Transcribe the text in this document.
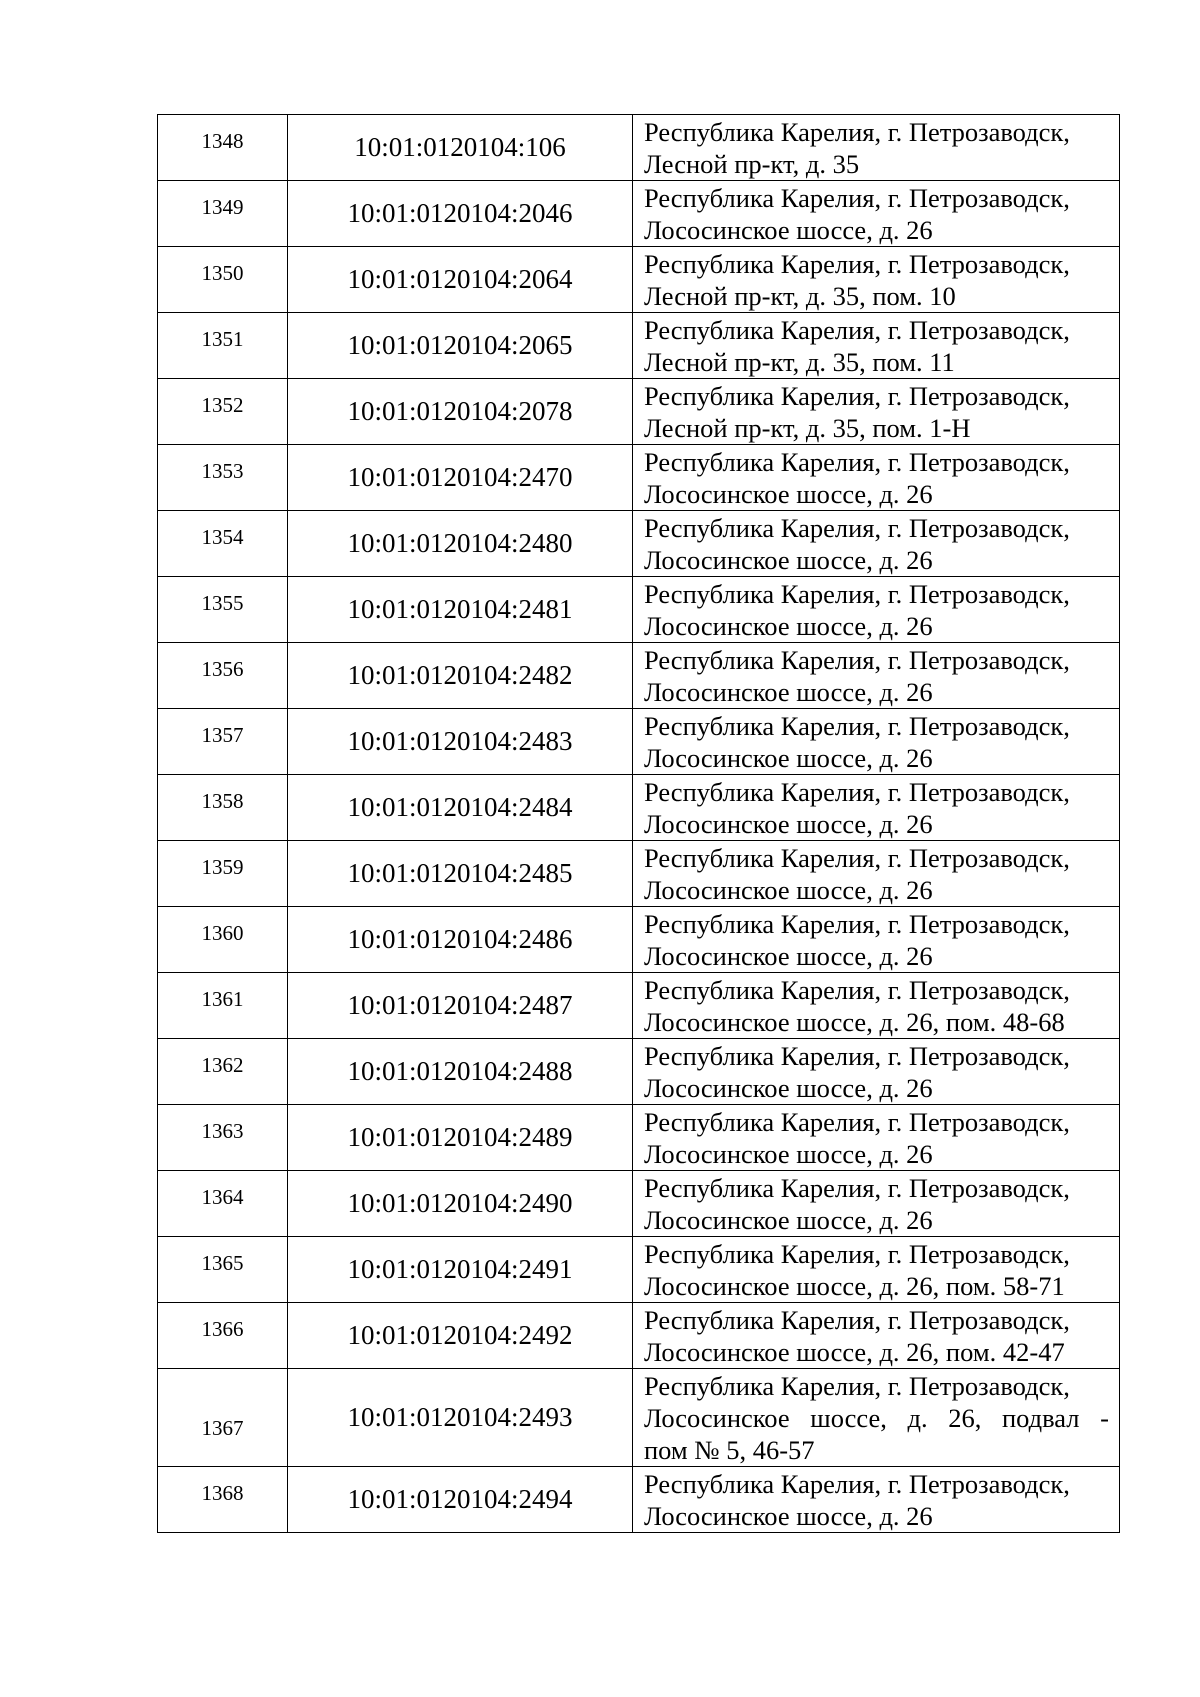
1348	10:01:0120104:106	Республика Карелия, г. Петрозаводск,
Лесной пр-кт, д. 35

1349	10:01:0120104:2046	Республика Карелия, г. Петрозаводск,
Лососинское шоссе, д. 26

1350	10:01:0120104:2064	Республика Карелия, г. Петрозаводск,
Лесной пр-кт, д. 35, пом. 10

1351	10:01:0120104:2065	Республика Карелия, г. Петрозаводск,
Лесной пр-кт, д. 35, пом. 11

1352	10:01:0120104:2078	Республика Карелия, г. Петрозаводск,
Лесной пр-кт, д. 35, пом. 1-Н

1353	10:01:0120104:2470	Республика Карелия, г. Петрозаводск,
Лососинское шоссе, д. 26

1354	10:01:0120104:2480	Республика Карелия, г. Петрозаводск,
Лососинское шоссе, д. 26

1355	10:01:0120104:2481	Республика Карелия, г. Петрозаводск,
Лососинское шоссе, д. 26

1356	10:01:0120104:2482	Республика Карелия, г. Петрозаводск,
Лососинское шоссе, д. 26

1357	10:01:0120104:2483	Республика Карелия, г. Петрозаводск,
Лососинское шоссе, д. 26

1358	10:01:0120104:2484	Республика Карелия, г. Петрозаводск,
Лососинское шоссе, д. 26

1359	10:01:0120104:2485	Республика Карелия, г. Петрозаводск,
Лососинское шоссе, д. 26

1360	10:01:0120104:2486	Республика Карелия, г. Петрозаводск,
Лососинское шоссе, д. 26

1361	10:01:0120104:2487	Республика Карелия, г. Петрозаводск,
Лососинское шоссе, д. 26, пом. 48-68

1362	10:01:0120104:2488	Республика Карелия, г. Петрозаводск,
Лососинское шоссе, д. 26

1363	10:01:0120104:2489	Республика Карелия, г. Петрозаводск,
Лососинское шоссе, д. 26

1364	10:01:0120104:2490	Республика Карелия, г. Петрозаводск,
Лососинское шоссе, д. 26

1365	10:01:0120104:2491	Республика Карелия, г. Петрозаводск,
Лососинское шоссе, д. 26, пом. 58-71

1366	10:01:0120104:2492	Республика Карелия, г. Петрозаводск,
Лососинское шоссе, д. 26, пом. 42-47

1367	10:01:0120104:2493	Республика Карелия, г. Петрозаводск,
Лососинское шоссе, д. 26, подвал -
пом № 5, 46-57

1368	10:01:0120104:2494	Республика Карелия, г. Петрозаводск,
Лососинское шоссе, д. 26
